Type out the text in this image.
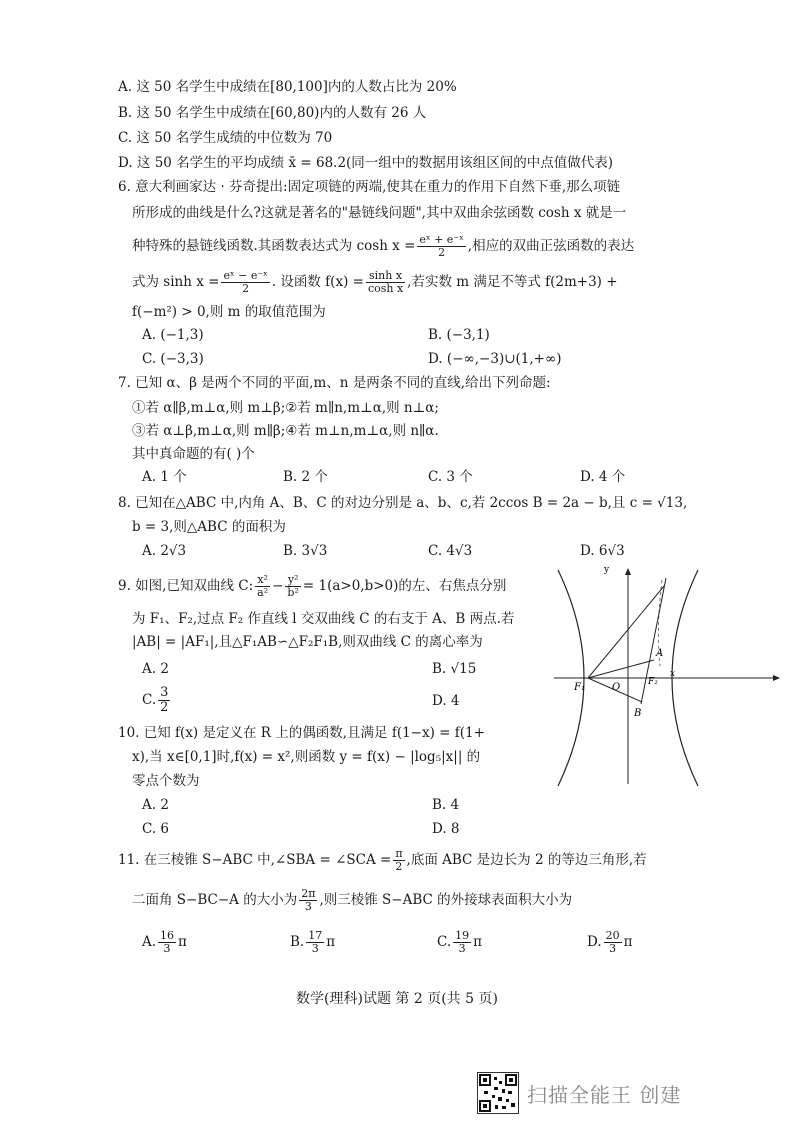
A. 这 50 名学生中成绩在[80,100]内的人数占比为 20%
B. 这 50 名学生中成绩在[60,80)内的人数有 26 人
C. 这 50 名学生成绩的中位数为 70
D. 这 50 名学生的平均成绩 x̄ = 68.2(同一组中的数据用该组区间的中点值做代表)
6. 意大利画家达 · 芬奇提出:固定项链的两端,使其在重力的作用下自然下垂,那么项链
所形成的曲线是什么?这就是著名的"悬链线问题",其中双曲余弦函数 cosh x 就是一
种特殊的悬链线函数.其函数表达式为 $\cosh x = \frac{\text{eˣ + e⁻ˣ}}{2}$ ,相应的双曲正弦函数的表达
式为 $\sinh x = \frac{\text{eˣ − e⁻ˣ}}{2}$ . 设函数 $f(x) = \frac{\text{sinh x}}{\text{cosh x}}$ ,若实数 m 满足不等式 f(2m+3) +
f(−m²) > 0,则 m 的取值范围为
A. (−1,3)	B. (−3,1)
C. (−3,3)	D. (−∞,−3)∪(1,+∞)
7. 已知 α、β 是两个不同的平面,m、n 是两条不同的直线,给出下列命题:
①若 α∥β,m⊥α,则 m⊥β;②若 m∥n,m⊥α,则 n⊥α;
③若 α⊥β,m⊥α,则 m∥β;④若 m⊥n,m⊥α,则 n∥α.
其中真命题的有( )个
A. 1 个	B. 2 个	C. 3 个	D. 4 个
8. 已知在△ABC 中,内角 A、B、C 的对边分别是 a、b、c,若 2ccos B = 2a − b,且 c = √13,
b = 3,则△ABC 的面积为
A. 2√3	B. 3√3	C. 4√3	D. 6√3
9. 如图,已知双曲线 C: $\frac{\text{x²}}{\text{a²}} - \frac{\text{y²}}{\text{b²}} = 1(a>0,b>0)$的左、右焦点分别
为 F₁、F₂,过点 F₂ 作直线 l 交双曲线 C 的右支于 A、B 两点.若
|AB| = |AF₁|,且△F₁AB∽△F₂F₁B,则双曲线 C 的离心率为
A. 2	B. √15
C. $\frac{3}{2}$	D. 4
y
O
A
B
F₁	F₂
x
10. 已知 f(x) 是定义在 R 上的偶函数,且满足 f(1−x) = f(1+
x),当 x∈[0,1]时,f(x) = x²,则函数 y = f(x) − |log₅|x|| 的
零点个数为
A. 2	B. 4
C. 6	D. 8
11. 在三棱锥 S−ABC 中,∠SBA = ∠SCA = $\frac{\pi}{2}$ ,底面 ABC 是边长为 2 的等边三角形,若
二面角 S−BC−A 的大小为 $\frac{2\pi}{3}$ ,则三棱锥 S−ABC 的外接球表面积大小为
A. $\frac{16}{3}$ π	B. $\frac{17}{3}$ π	C. $\frac{19}{3}$ π	D. $\frac{20}{3}$ π
数学(理科)试题 第 2 页(共 5 页)
扫描全能王 创建
